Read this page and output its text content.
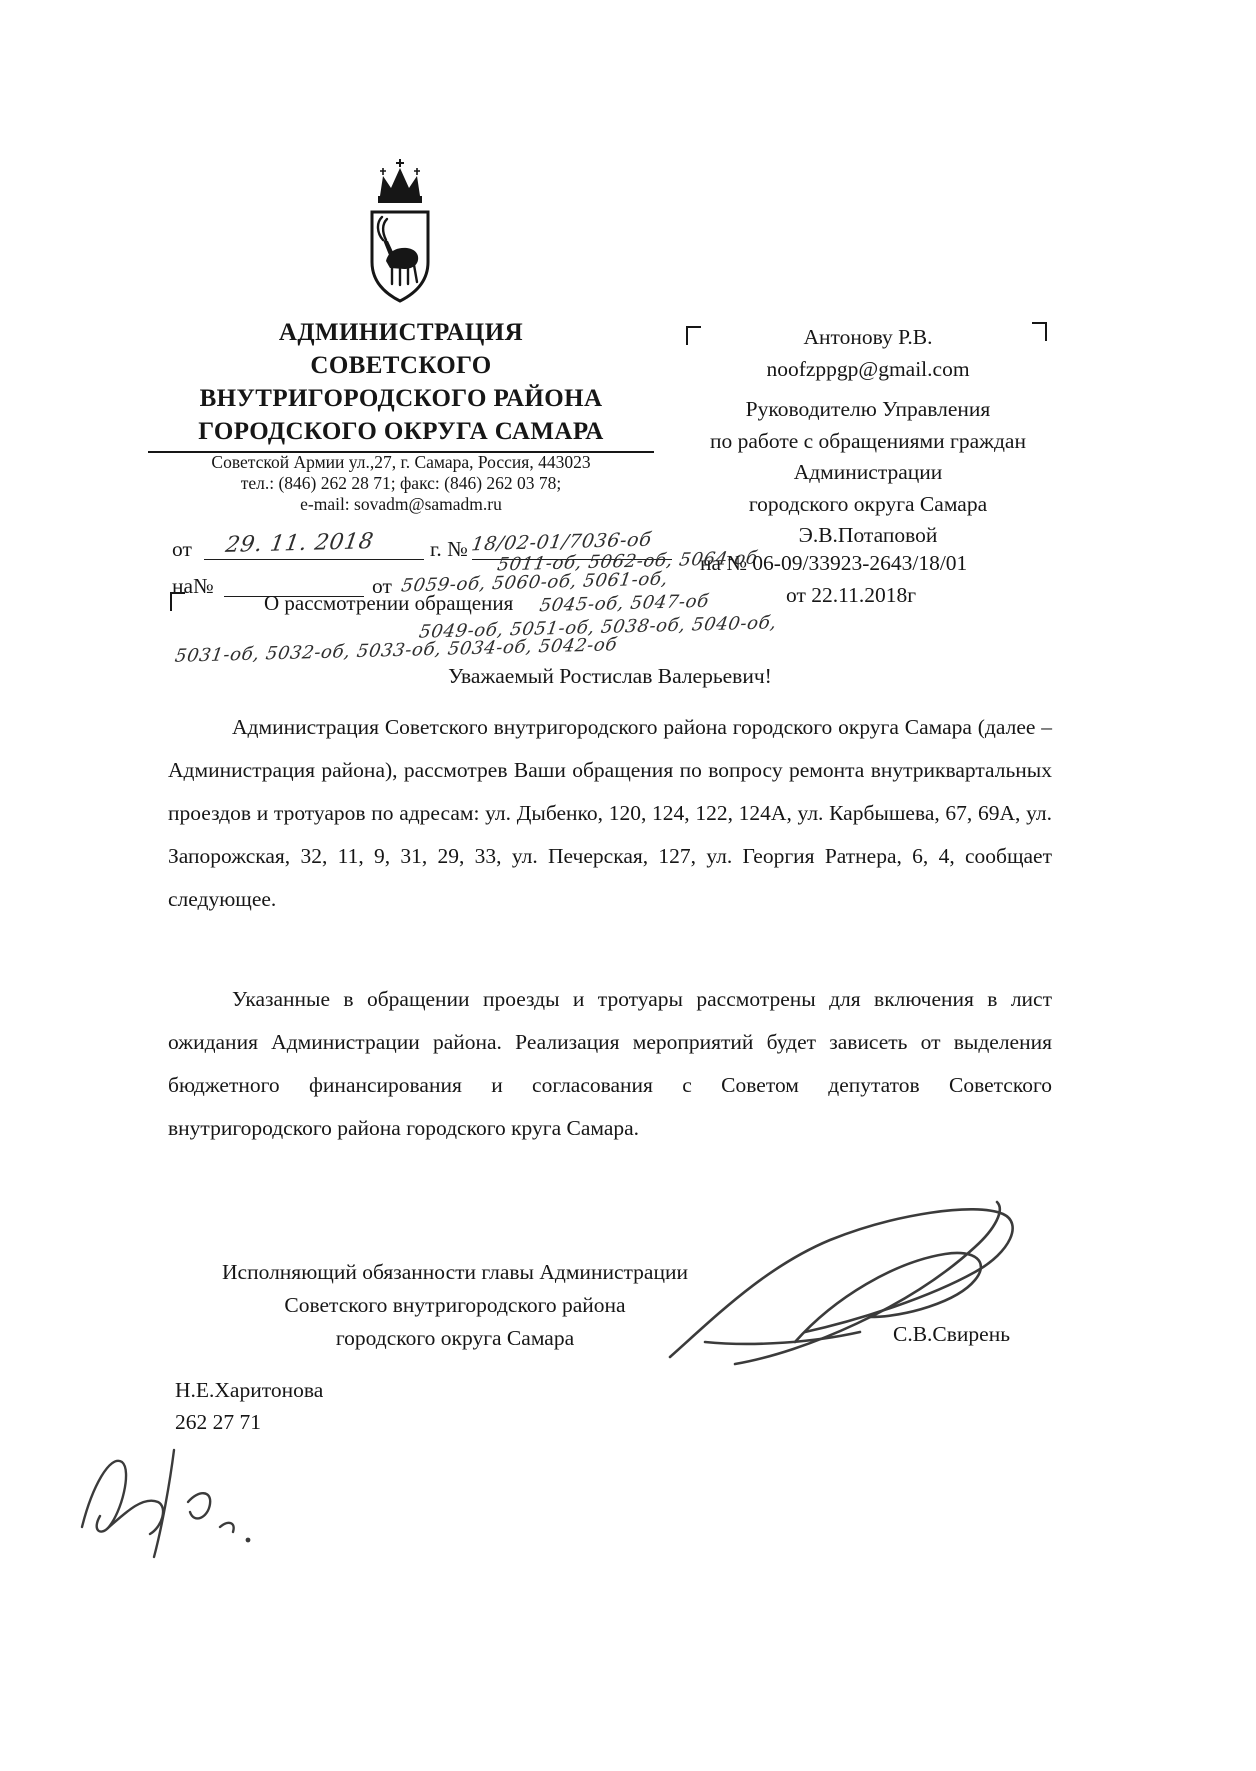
АДМИНИСТРАЦИЯ
СОВЕТСКОГО
ВНУТРИГОРОДСКОГО РАЙОНА
ГОРОДСКОГО ОКРУГА САМАРА
Советской Армии ул.,27, г. Самара, Россия, 443023
тел.: (846) 262 28 71; факс: (846) 262 03 78;
e-mail: sovadm@samadm.ru
от	29. 11. 2018	г. № 18/02-01/7036-об
на№	от
5011-об, 5062-об, 5064-об
5059-об, 5060-об, 5061-об,
5045-об, 5047-об
5049-об, 5051-об, 5038-об, 5040-об,
5031-об, 5032-об, 5033-об, 5034-об, 5042-об
О рассмотрении обращения
Антонову Р.В.
noofzppgp@gmail.com
Руководителю Управления
по работе с обращениями граждан
Администрации
городского округа Самара
Э.В.Потаповой
на № 06-09/33923-2643/18/01
от 22.11.2018г
Уважаемый Ростислав Валерьевич!
Администрация Советского внутригородского района городского округа Самара (далее – Администрация района), рассмотрев Ваши обращения по вопросу ремонта внутриквартальных проездов и тротуаров по адресам: ул. Дыбенко, 120, 124, 122, 124А, ул. Карбышева, 67, 69А, ул. Запорожская, 32, 11, 9, 31, 29, 33, ул. Печерская, 127, ул. Георгия Ратнера, 6, 4, сообщает следующее.
Указанные в обращении проезды и тротуары рассмотрены для включения в лист ожидания Администрации района. Реализация мероприятий будет зависеть от выделения бюджетного финансирования и согласования с Советом депутатов Советского внутригородского района городского круга Самара.
Исполняющий обязанности главы Администрации
Советского внутригородского района
городского округа Самара	С.В.Свирень
Н.Е.Харитонова
262 27 71
